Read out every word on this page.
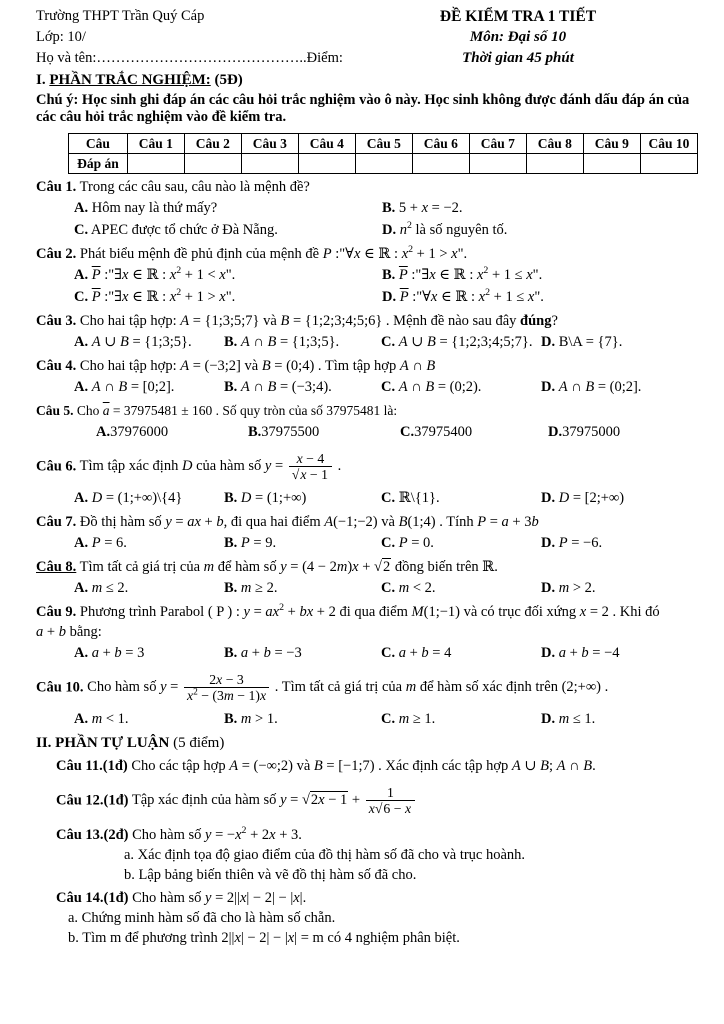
Trường THPT Trần Quý Cáp
Lớp: 10/
Họ và tên:……………………………………..Điểm:
ĐỀ KIỂM TRA 1 TIẾT
Môn: Đại số 10
Thời gian 45 phút
I. PHẦN TRẮC NGHIỆM: (5Đ)
Chú ý: Học sinh ghi đáp án các câu hỏi trắc nghiệm vào ô này. Học sinh không được đánh dấu đáp án của các câu hỏi trắc nghiệm vào đề kiểm tra.
Câu	Câu 1	Câu 2	Câu 3	Câu 4	Câu 5	Câu 6	Câu 7	Câu 8	Câu 9	Câu 10
Đáp án										
Câu 1. Trong các câu sau, câu nào là mệnh đề?
A. Hôm nay là thứ mấy?	B. 5 + x = −2.
C. APEC được tổ chức ở Đà Nẵng.	D. $n^2$ là số nguyên tố.
Câu 2. Phát biểu mệnh đề phủ định của mệnh đề P :"∀x ∈ ℝ : $x^2 + 1 > x$".
A. $\overline{P}$ :"∃x ∈ ℝ : $x^2 + 1 < x$".	B. $\overline{P}$ :"∃x ∈ ℝ : $x^2 + 1 \le x$".
C. $\overline{P}$ :"∃x ∈ ℝ : $x^2 + 1 > x$".	D. $\overline{P}$ :"∀x ∈ ℝ : $x^2 + 1 \le x$".
Câu 3. Cho hai tập hợp: A = {1;3;5;7} và B = {1;2;3;4;5;6} . Mệnh đề nào sau đây đúng?
A. A ∪ B = {1;3;5}.	B. A ∩ B = {1;3;5}.	C. A ∪ B = {1;2;3;4;5;7}. D. B\A = {7}.
Câu 4. Cho hai tập hợp: A = (−3;2] và B = (0;4) . Tìm tập hợp A ∩ B
A. A ∩ B = [0;2].	B. A ∩ B = (−3;4).	C. A ∩ B = (0;2).	D. A ∩ B = (0;2].
Câu 5. Cho $\overline{a} = 37975481 \pm 160$ . Số quy tròn của số 37975481 là:
A.37976000	B.37975500	C.37975400	D.37975000
Câu 6. Tìm tập xác định D của hàm số $y = \frac{x - 4}{√x - 1}$ .
A. D = (1;+∞)\{4}	B. D = (1;+∞)	C. ℝ\{1}.	D. D = [2;+∞)
Câu 7. Đồ thị hàm số y = ax + b, đi qua hai điểm A(−1;−2) và B(1;4) . Tính P = a + 3b
A. P = 6.	B. P = 9.	C. P = 0.	D. P = −6.
Câu 8. Tìm tất cả giá trị của m để hàm số y = (4 − 2m)x + √2 đồng biến trên ℝ.
A. m ≤ 2.	B. m ≥ 2.	C. m < 2.	D. m > 2.
Câu 9. Phương trình Parabol ( P ) : $y = ax^2$ + bx + 2 đi qua điểm M(1;−1) và có trục đối xứng x = 2 . Khi đó
a + b bằng:
A. a + b = 3	B. a + b = −3	C. a + b = 4	D. a + b = −4
Câu 10. Cho hàm số $y = \frac{2x - 3}{x^2 - (3m - 1)x}$ . Tìm tất cả giá trị của m để hàm số xác định trên (2;+∞) .
A. m < 1.	B. m > 1.	C. m ≥ 1.	D. m ≤ 1.
II. PHẦN TỰ LUẬN (5 điểm)
Câu 11.(1đ) Cho các tập hợp A = (−∞;2) và B = [−1;7) . Xác định các tập hợp A ∪ B; A ∩ B.
Câu 12.(1đ) Tập xác định của hàm số $y = √2x - 1 + \frac{1}{x√6 - x}$
Câu 13.(2đ) Cho hàm số $y = -x^2 + 2x + 3$.
a. Xác định tọa độ giao điểm của đồ thị hàm số đã cho và trục hoành.
b. Lập bảng biến thiên và vẽ đồ thị hàm số đã cho.
Câu 14.(1đ) Cho hàm số y = 2||x| − 2| − |x|.
a. Chứng minh hàm số đã cho là hàm số chẵn.
b. Tìm m để phương trình 2||x| − 2| − |x| = m có 4 nghiệm phân biệt.
